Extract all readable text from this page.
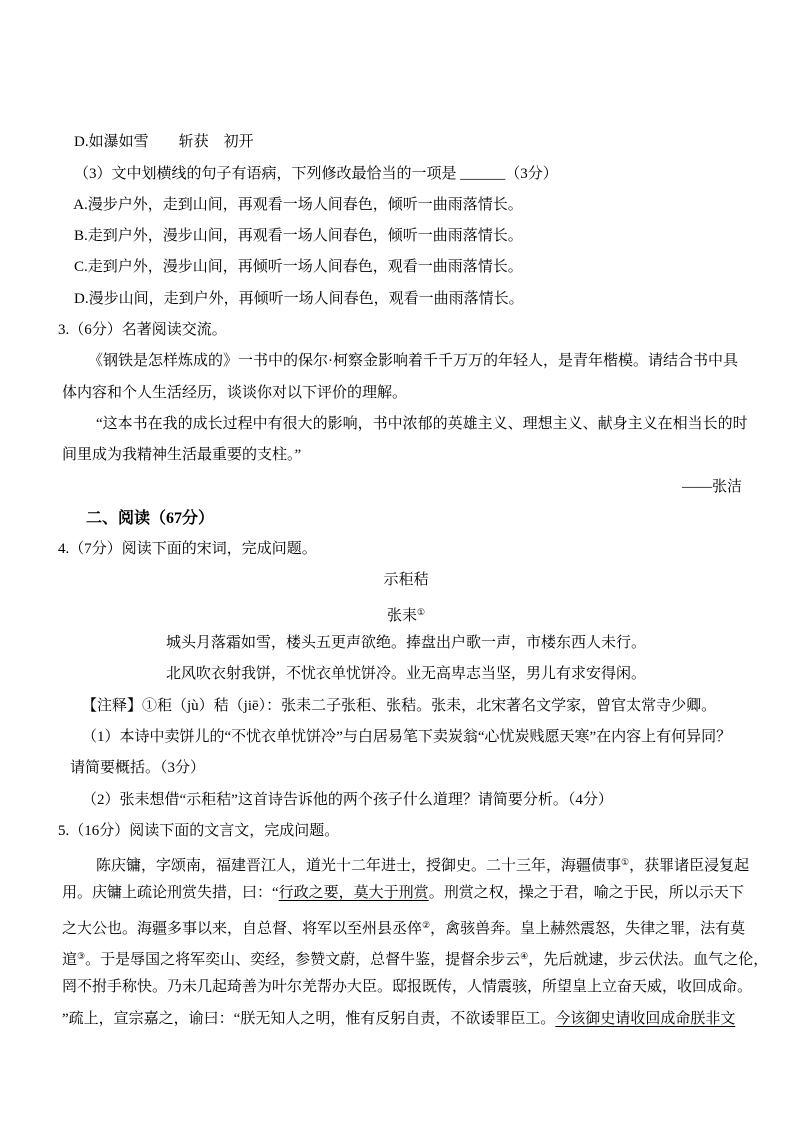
D.如瀑如雪　　斩获　初开

（3）文中划横线的句子有语病，下列修改最恰当的一项是 ______（3分）

A.漫步户外，走到山间，再观看一场人间春色，倾听一曲雨落情长。

B.走到户外，漫步山间，再观看一场人间春色，倾听一曲雨落情长。

C.走到户外，漫步山间，再倾听一场人间春色，观看一曲雨落情长。

D.漫步山间，走到户外，再倾听一场人间春色，观看一曲雨落情长。

3.（6分）名著阅读交流。

《钢铁是怎样炼成的》一书中的保尔·柯察金影响着千千万万的年轻人，是青年楷模。请结合书中具

体内容和个人生活经历，谈谈你对以下评价的理解。

“这本书在我的成长过程中有很大的影响，书中浓郁的英雄主义、理想主义、献身主义在相当长的时

间里成为我精神生活最重要的支柱。”

——张洁

二、阅读（67分）

4.（7分）阅读下面的宋词，完成问题。

示秬秸

张耒①

城头月落霜如雪，楼头五更声欲绝。捧盘出户歌一声，市楼东西人未行。

北风吹衣射我饼，不忧衣单忧饼冷。业无高卑志当坚，男儿有求安得闲。

【注释】①秬（jù）秸（jiē）：张耒二子张秬、张秸。张耒，北宋著名文学家，曾官太常寺少卿。

（1）本诗中卖饼儿的“不忧衣单忧饼冷”与白居易笔下卖炭翁“心忧炭贱愿天寒”在内容上有何异同？

请简要概括。（3分）

（2）张耒想借“示秬秸”这首诗告诉他的两个孩子什么道理？请简要分析。（4分）

5.（16分）阅读下面的文言文，完成问题。

陈庆镛，字颂南，福建晋江人，道光十二年进士，授御史。二十三年，海疆债事①，获罪诸臣浸复起

用。庆镛上疏论刑赏失措，曰：“行政之要，莫大于刑赏。刑赏之权，操之于君，喻之于民，所以示天下

之大公也。海疆多事以来，自总督、将军以至州县丞倅②，禽骇兽奔。皇上赫然震怒，失律之罪，法有莫

逭③。于是辱国之将军奕山、奕经，参赞文蔚，总督牛鉴，提督余步云④，先后就逮，步云伏法。血气之伦，

罔不拊手称快。乃未几起琦善为叶尔羌帮办大臣。邸报既传，人情震骇，所望皇上立奋天威，收回成命。

”疏上，宣宗嘉之，谕曰：“朕无知人之明，惟有反躬自责，不欲诿罪臣工。今该御史请收回成命朕非文
